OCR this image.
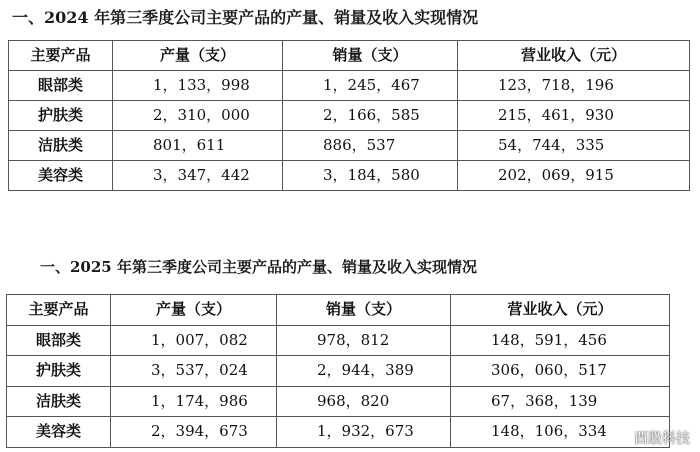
一、2024 年第三季度公司主要产品的产量、销量及收入实现情况
主要产品	产量（支）	销量（支）	营业收入（元）
眼部类	1，133，998	1，245，467	123，718，196
护肤类	2，310，000	2，166，585	215，461，930
洁肤类	801，611	886，537	54，744，335
美容类	3，347，442	3，184，580	202，069，915
一、2025 年第三季度公司主要产品的产量、销量及收入实现情况
主要产品	产量（支）	销量（支）	营业收入（元）
眼部类	1，007，082	978，812	148，591，456
护肤类	3，537，024	2，944，389	306，060，517
洁肤类	1，174，986	968，820	67，368，139
美容类	2，394，673	1，932，673	148，106，334 酉股科技
